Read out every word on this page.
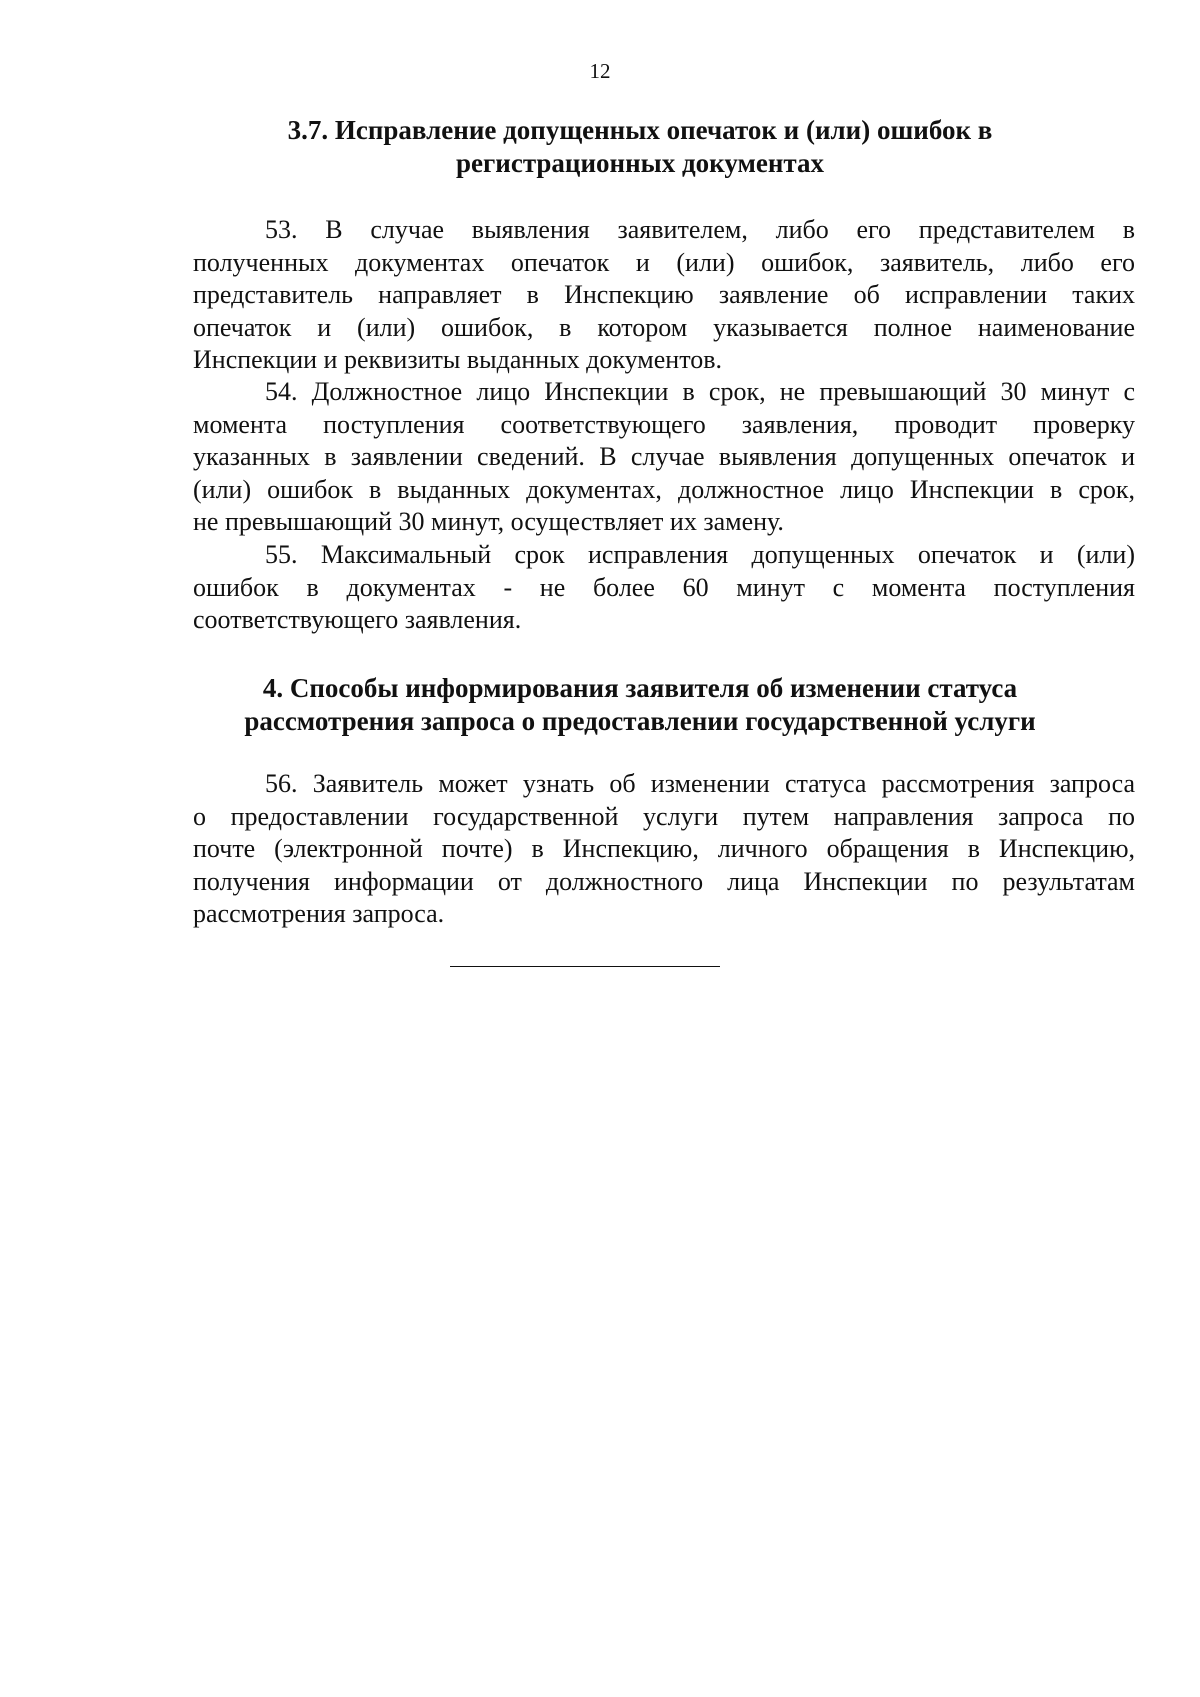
12
3.7. Исправление допущенных опечаток и (или) ошибок в
регистрационных документах

53. В случае выявления заявителем, либо его представителем в
полученных документах опечаток и (или) ошибок, заявитель, либо его
представитель направляет в Инспекцию заявление об исправлении таких
опечаток и (или) ошибок, в котором указывается полное наименование
Инспекции и реквизиты выданных документов.

54. Должностное лицо Инспекции в срок, не превышающий 30 минут с
момента поступления соответствующего заявления, проводит проверку
указанных в заявлении сведений. В случае выявления допущенных опечаток и
(или) ошибок в выданных документах, должностное лицо Инспекции в срок,
не превышающий 30 минут, осуществляет их замену.

55. Максимальный срок исправления допущенных опечаток и (или)
ошибок в документах - не более 60 минут с момента поступления
соответствующего заявления.

4. Способы информирования заявителя об изменении статуса
рассмотрения запроса о предоставлении государственной услуги

56. Заявитель может узнать об изменении статуса рассмотрения запроса
о предоставлении государственной услуги путем направления запроса по
почте (электронной почте) в Инспекцию, личного обращения в Инспекцию,
получения информации от должностного лица Инспекции по результатам
рассмотрения запроса.
